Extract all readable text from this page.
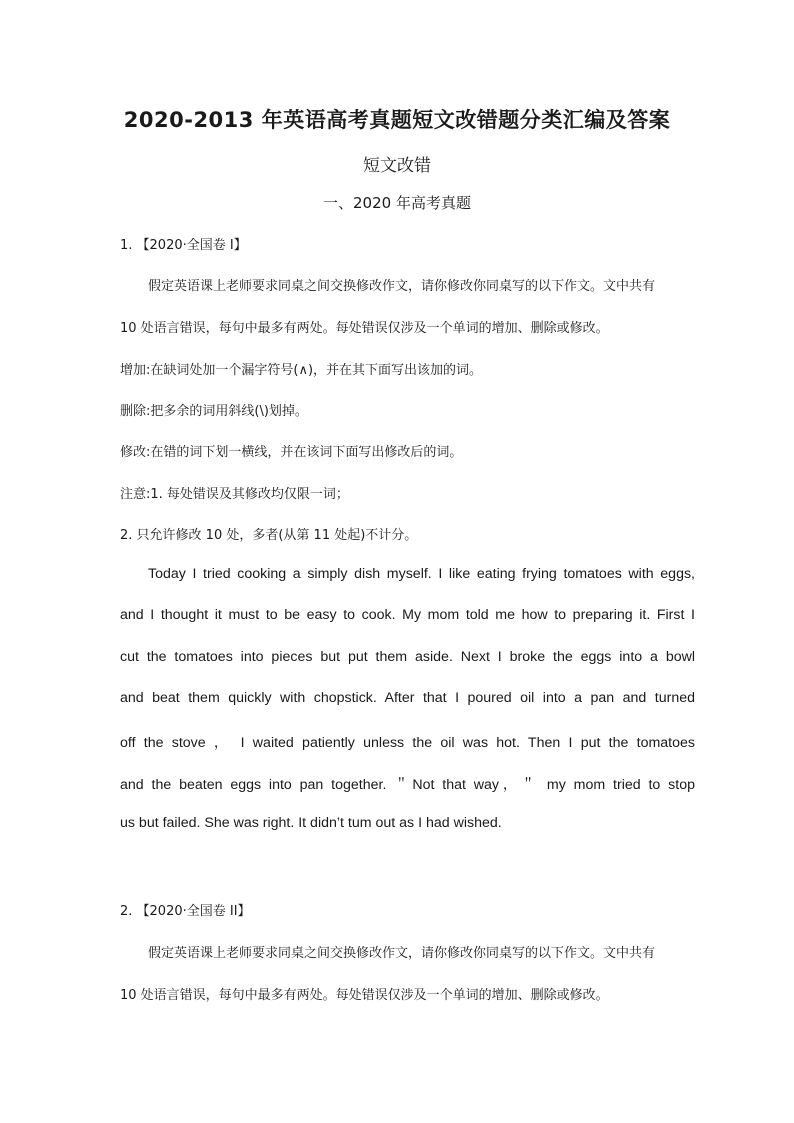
2020-2013 年英语高考真题短文改错题分类汇编及答案
短文改错
一、2020 年高考真题
1. 【2020·全国卷 I】
假定英语课上老师要求同桌之间交换修改作文，请你修改你同桌写的以下作文。文中共有
10 处语言错误，每句中最多有两处。每处错误仅涉及一个单词的增加、删除或修改。
增加:在缺词处加一个漏字符号(∧)，并在其下面写出该加的词。
删除:把多余的词用斜线(\)划掉。
修改:在错的词下划一横线，并在该词下面写出修改后的词。
注意:1. 每处错误及其修改均仅限一词；
2. 只允许修改 10 处，多者(从第 11 处起)不计分。
Today I tried cooking a simply dish myself. I like eating frying tomatoes with eggs,
and I thought it must to be easy to cook. My mom told me how to preparing it. First I
cut the tomatoes into pieces but put them aside. Next I broke the eggs into a bowl
and beat them quickly with chopstick. After that I poured oil into a pan and turned
off the stove ， I waited patiently unless the oil was hot. Then I put the tomatoes
and the beaten eggs into pan together. ＂Not that way，＂ my mom tried to stop
us but failed. She was right. It didn’t tum out as I had wished.
2. 【2020·全国卷 II】
假定英语课上老师要求同桌之间交换修改作文，请你修改你同桌写的以下作文。文中共有
10 处语言错误，每句中最多有两处。每处错误仅涉及一个单词的增加、删除或修改。
